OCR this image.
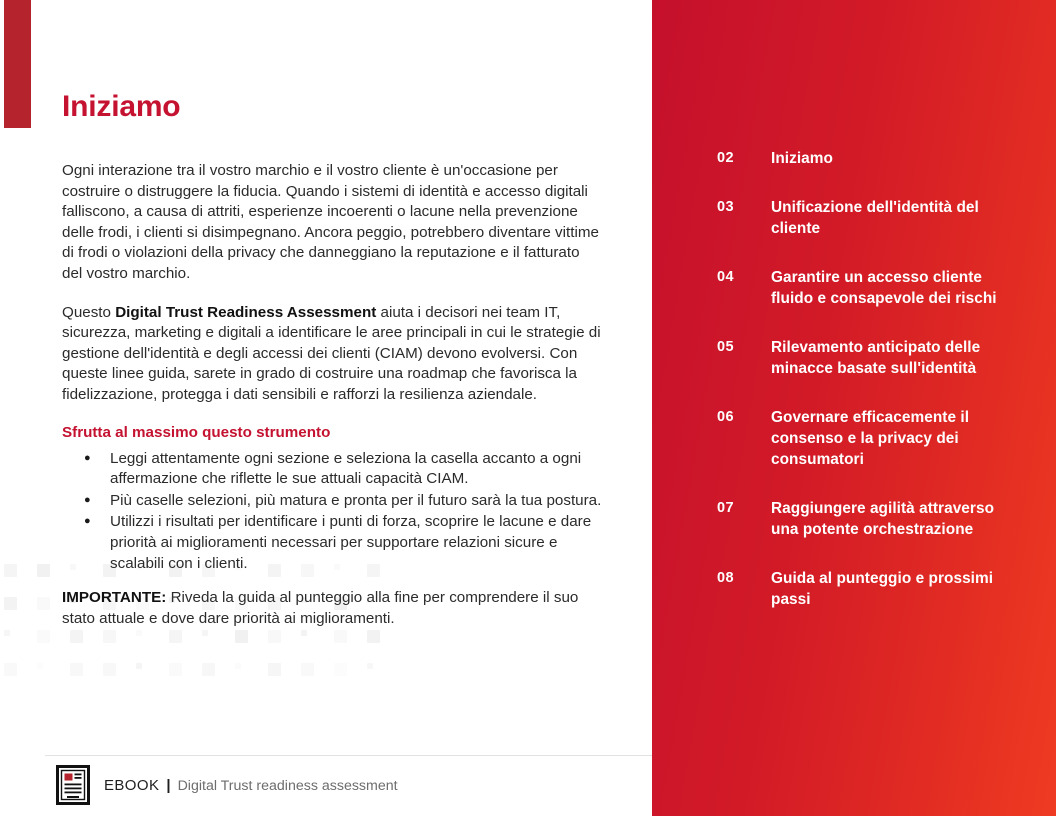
Iniziamo

Ogni interazione tra il vostro marchio e il vostro cliente è un'occasione per costruire o distruggere la fiducia. Quando i sistemi di identità e accesso digitali falliscono, a causa di attriti, esperienze incoerenti o lacune nella prevenzione delle frodi, i clienti si disimpegnano. Ancora peggio, potrebbero diventare vittime di frodi o violazioni della privacy che danneggiano la reputazione e il fatturato del vostro marchio.

Questo Digital Trust Readiness Assessment aiuta i decisori nei team IT, sicurezza, marketing e digitali a identificare le aree principali in cui le strategie di gestione dell'identità e degli accessi dei clienti (CIAM) devono evolversi. Con queste linee guida, sarete in grado di costruire una roadmap che favorisca la fidelizzazione, protegga i dati sensibili e rafforzi la resilienza aziendale.

Sfrutta al massimo questo strumento

● Leggi attentamente ogni sezione e seleziona la casella accanto a ogni affermazione che riflette le sue attuali capacità CIAM.
● Più caselle selezioni, più matura e pronta per il futuro sarà la tua postura.
● Utilizzi i risultati per identificare i punti di forza, scoprire le lacune e dare priorità ai miglioramenti necessari per supportare relazioni sicure e scalabili con i clienti.

IMPORTANTE: Riveda la guida al punteggio alla fine per comprendere il suo stato attuale e dove dare priorità ai miglioramenti.

EBOOK | Digital Trust readiness assessment
02	Iniziamo
03	Unificazione dell'identità del cliente
04	Garantire un accesso cliente fluido e consapevole dei rischi
05	Rilevamento anticipato delle minacce basate sull'identità
06	Governare efficacemente il consenso e la privacy dei consumatori
07	Raggiungere agilità attraverso una potente orchestrazione
08	Guida al punteggio e prossimi passi
